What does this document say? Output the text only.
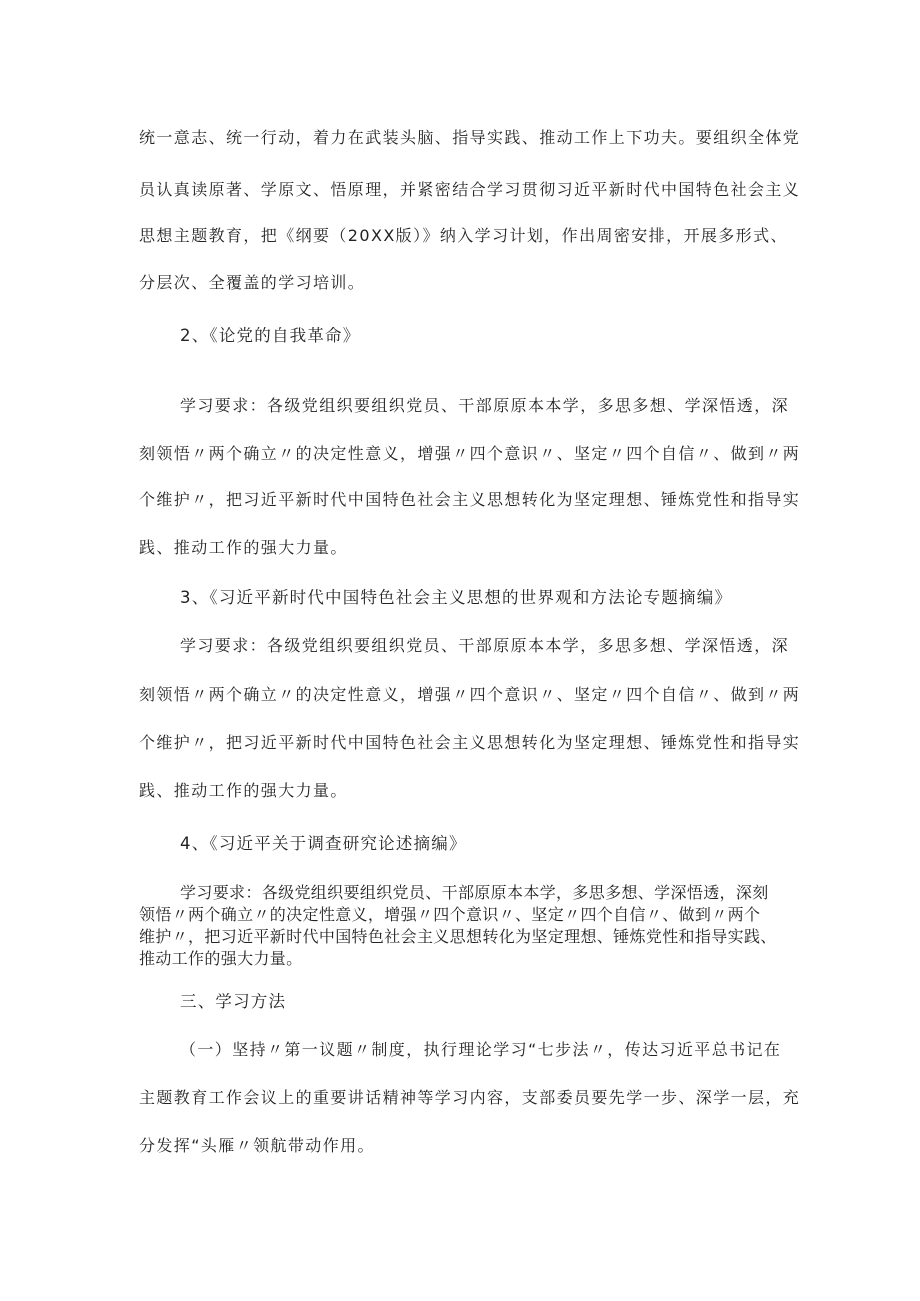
统一意志、统一行动，着力在武装头脑、指导实践、推动工作上下功夫。要组织全体党

员认真读原著、学原文、悟原理，并紧密结合学习贯彻习近平新时代中国特色社会主义

思想主题教育，把《纲要（20XX版）》纳入学习计划，作出周密安排，开展多形式、

分层次、全覆盖的学习培训。

2、《论党的自我革命》

学习要求：各级党组织要组织党员、干部原原本本学，多思多想、学深悟透，深

刻领悟〃两个确立〃的决定性意义，增强〃四个意识〃、坚定〃四个自信〃、做到〃两

个维护〃，把习近平新时代中国特色社会主义思想转化为坚定理想、锤炼党性和指导实

践、推动工作的强大力量。

3、《习近平新时代中国特色社会主义思想的世界观和方法论专题摘编》

学习要求：各级党组织要组织党员、干部原原本本学，多思多想、学深悟透，深

刻领悟〃两个确立〃的决定性意义，增强〃四个意识〃、坚定〃四个自信〃、做到〃两

个维护〃，把习近平新时代中国特色社会主义思想转化为坚定理想、锤炼党性和指导实

践、推动工作的强大力量。

4、《习近平关于调查研究论述摘编》

学习要求：各级党组织要组织党员、干部原原本本学，多思多想、学深悟透，深刻

领悟〃两个确立〃的决定性意义，增强〃四个意识〃、坚定〃四个自信〃、做到〃两个

维护〃，把习近平新时代中国特色社会主义思想转化为坚定理想、锤炼党性和指导实践、

推动工作的强大力量。

三、学习方法

（一）坚持〃第一议题〃制度，执行理论学习“七步法〃，传达习近平总书记在

主题教育工作会议上的重要讲话精神等学习内容，支部委员要先学一步、深学一层，充

分发挥“头雁〃领航带动作用。
